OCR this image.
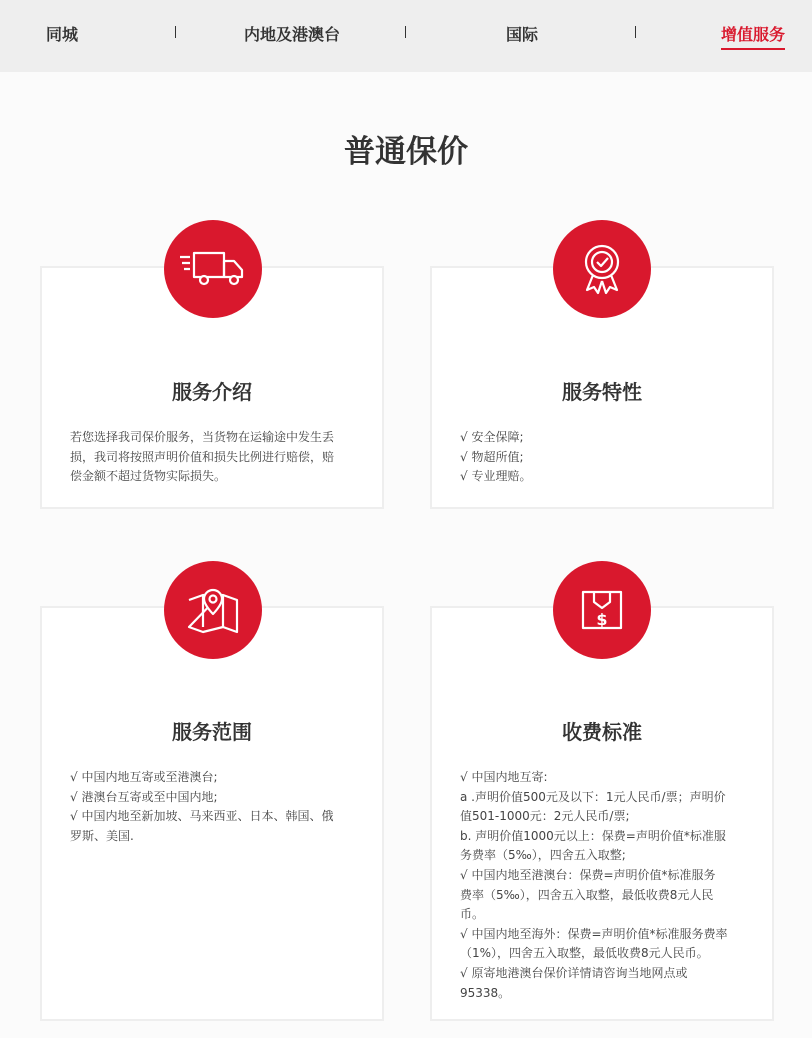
同城	内地及港澳台	国际	增值服务
普通保价
服务介绍
若您选择我司保价服务，当货物在运输途中发生丢
损，我司将按照声明价值和损失比例进行赔偿，赔
偿金额不超过货物实际损失。
服务特性
√ 安全保障;
√ 物超所值;
√ 专业理赔。
服务范围
√ 中国内地互寄或至港澳台;
√ 港澳台互寄或至中国内地;
√ 中国内地至新加坡、马来西亚、日本、韩国、俄
罗斯、美国.
收费标准
√ 中国内地互寄:
a .声明价值500元及以下：1元人民币/票；声明价
值501-1000元：2元人民币/票;
b. 声明价值1000元以上：保费=声明价值*标准服
务费率（5‰），四舍五入取整;
√ 中国内地至港澳台：保费=声明价值*标准服务
费率（5‰），四舍五入取整，最低收费8元人民
币。
√ 中国内地至海外：保费=声明价值*标准服务费率
（1%），四舍五入取整，最低收费8元人民币。
√ 原寄地港澳台保价详情请咨询当地网点或
95338。
$
